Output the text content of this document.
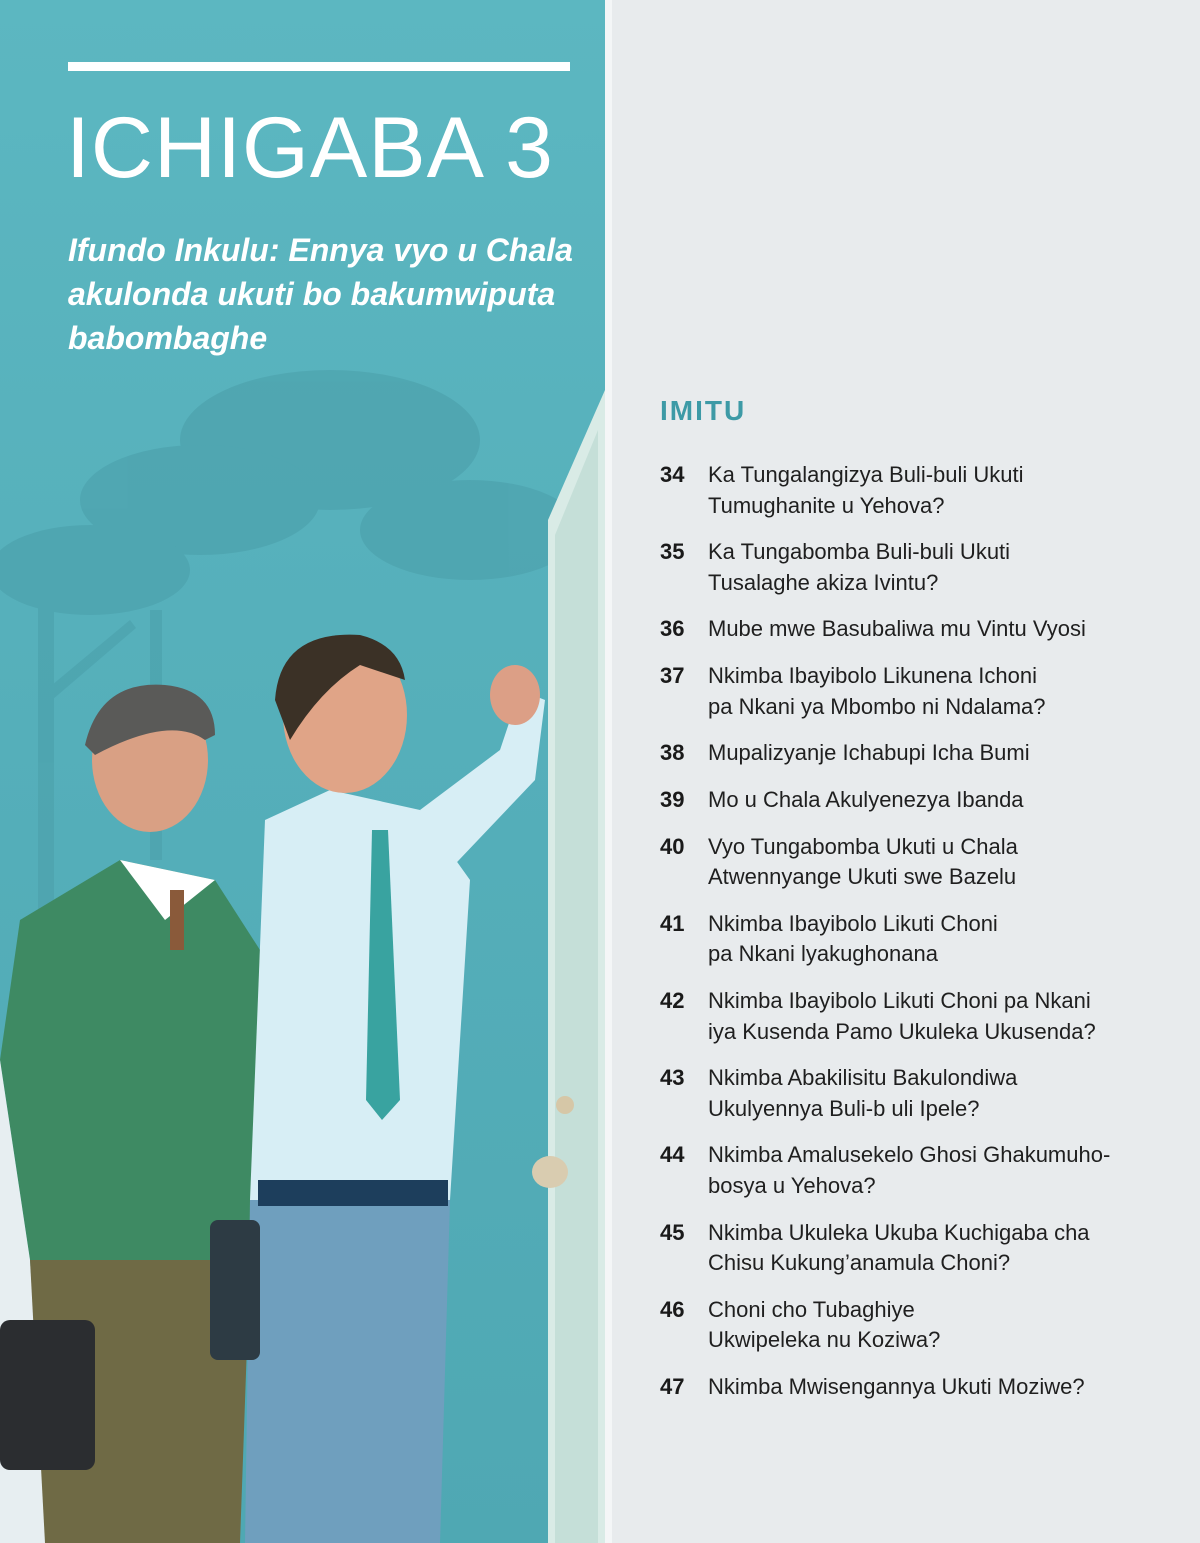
ICHIGABA 3
Ifundo Inkulu: Ennya vyo u Chala
akulonda ukuti bo bakumwiputa
babombaghe
IMITU
34	Ka Tungalangizya Buli-buli Ukuti
Tumughanite u Yehova?
35	Ka Tungabomba Buli-buli Ukuti
Tusalaghe akiza Ivintu?
36	Mube mwe Basubaliwa mu Vintu Vyosi
37	Nkimba Ibayibolo Likunena Ichoni
pa Nkani ya Mbombo ni Ndalama?
38	Mupalizyanje Ichabupi Icha Bumi
39	Mo u Chala Akulyenezya Ibanda
40	Vyo Tungabomba Ukuti u Chala
Atwennyange Ukuti swe Bazelu
41	Nkimba Ibayibolo Likuti Choni
pa Nkani lyakughonana
42	Nkimba Ibayibolo Likuti Choni pa Nkani
iya Kusenda Pamo Ukuleka Ukusenda?
43	Nkimba Abakilisitu Bakulondiwa
Ukulyennya Buli-b uli Ipele?
44	Nkimba Amalusekelo Ghosi Ghakumuho-
bosya u Yehova?
45	Nkimba Ukuleka Ukuba Kuchigaba cha
Chisu Kukung’anamula Choni?
46	Choni cho Tubaghiye
Ukwipeleka nu Koziwa?
47	Nkimba Mwisengannya Ukuti Moziwe?
